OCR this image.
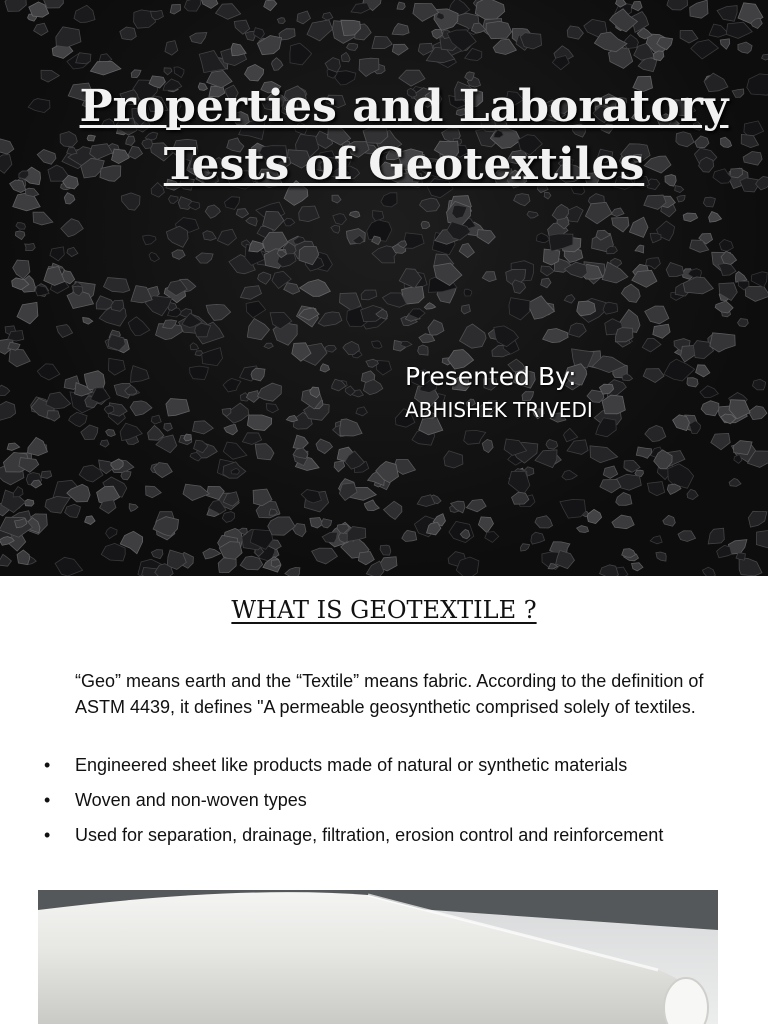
Properties and Laboratory
Tests of Geotextiles
Presented By:
ABHISHEK TRIVEDI
WHAT IS GEOTEXTILE ?
“Geo” means earth and the “Textile” means fabric. According to the definition of ASTM 4439, it defines "A permeable geosynthetic comprised solely of textiles.
• Engineered sheet like products made of natural or synthetic materials
• Woven and non-woven types
• Used for separation, drainage, filtration, erosion control and reinforcement
